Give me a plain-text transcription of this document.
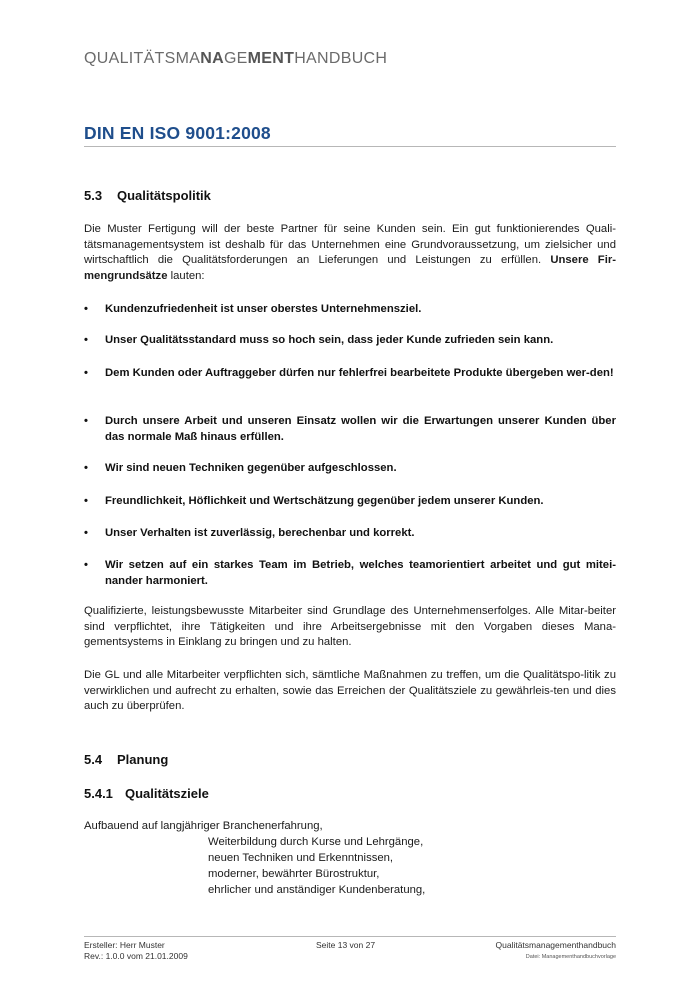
QUALITÄTSMANAGEMENTHANDBUCH
DIN EN ISO 9001:2008
5.3 Qualitätspolitik
Die Muster Fertigung will der beste Partner für seine Kunden sein. Ein gut funktionierendes Quali-tätsmanagementsystem ist deshalb für das Unternehmen eine Grundvoraussetzung, um zielsicher und wirtschaftlich die Qualitätsforderungen an Lieferungen und Leistungen zu erfüllen. Unsere Fir-mengrundsätze lauten:
• Kundenzufriedenheit ist unser oberstes Unternehmensziel.
• Unser Qualitätsstandard muss so hoch sein, dass jeder Kunde zufrieden sein kann.
• Dem Kunden oder Auftraggeber dürfen nur fehlerfrei bearbeitete Produkte übergeben wer-den!
• Durch unsere Arbeit und unseren Einsatz wollen wir die Erwartungen unserer Kunden über das normale Maß hinaus erfüllen.
• Wir sind neuen Techniken gegenüber aufgeschlossen.
• Freundlichkeit, Höflichkeit und Wertschätzung gegenüber jedem unserer Kunden.
• Unser Verhalten ist zuverlässig, berechenbar und korrekt.
• Wir setzen auf ein starkes Team im Betrieb, welches teamorientiert arbeitet und gut mitei-nander harmoniert.
Qualifizierte, leistungsbewusste Mitarbeiter sind Grundlage des Unternehmenserfolges. Alle Mitar-beiter sind verpflichtet, ihre Tätigkeiten und ihre Arbeitsergebnisse mit den Vorgaben dieses Mana-gementsystems in Einklang zu bringen und zu halten.
Die GL und alle Mitarbeiter verpflichten sich, sämtliche Maßnahmen zu treffen, um die Qualitätspo-litik zu verwirklichen und aufrecht zu erhalten, sowie das Erreichen der Qualitätsziele zu gewährleis-ten und dies auch zu überprüfen.
5.4 Planung
5.4.1 Qualitätsziele
Aufbauend auf langjähriger Branchenerfahrung,
Weiterbildung durch Kurse und Lehrgänge,
neuen Techniken und Erkenntnissen,
moderner, bewährter Bürostruktur,
ehrlicher und anständiger Kundenberatung,
Ersteller: Herr Muster
Rev.: 1.0.0 vom 21.01.2009
Seite 13 von 27	Qualitätsmanagementhandbuch
Datei: Managementhandbuchvorlage
